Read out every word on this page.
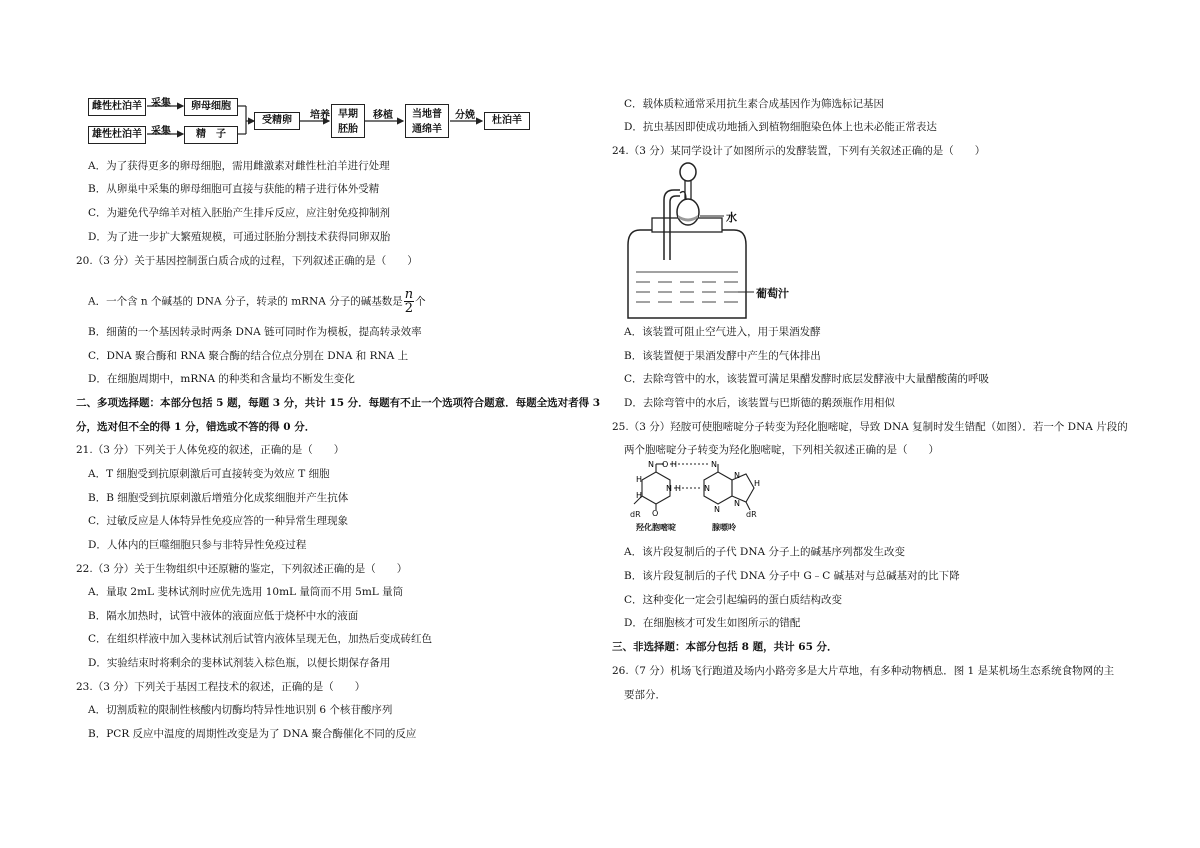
雌性杜泊羊
雄性杜泊羊
采集
采集
卵母细胞
精　子
受精卵	培养 早期
胚胎
移植	当地普
通绵羊
分娩	杜泊羊
A．为了获得更多的卵母细胞，需用雌激素对雌性杜泊羊进行处理
B．从卵巢中采集的卵母细胞可直接与获能的精子进行体外受精
C．为避免代孕绵羊对植入胚胎产生排斥反应，应注射免疫抑制剂
D．为了进一步扩大繁殖规模，可通过胚胎分割技术获得同卵双胎
20.（3 分）关于基因控制蛋白质合成的过程，下列叙述正确的是（　　）
A．一个含 n 个碱基的 DNA 分子，转录的 mRNA 分子的碱基数是 $\frac{n}{2}$ 个
B．细菌的一个基因转录时两条 DNA 链可同时作为模板，提高转录效率
C．DNA 聚合酶和 RNA 聚合酶的结合位点分别在 DNA 和 RNA 上
D．在细胞周期中，mRNA 的种类和含量均不断发生变化
二、多项选择题：本部分包括 5 题，每题 3 分，共计 15 分．每题有不止一个选项符合题意．每题全选对者得 3
分，选对但不全的得 1 分，错选或不答的得 0 分．
21.（3 分）下列关于人体免疫的叙述，正确的是（　　）
A．T 细胞受到抗原刺激后可直接转变为效应 T 细胞
B．B 细胞受到抗原刺激后增殖分化成浆细胞并产生抗体
C．过敏反应是人体特异性免疫应答的一种异常生理现象
D．人体内的巨噬细胞只参与非特异性免疫过程
22.（3 分）关于生物组织中还原糖的鉴定，下列叙述正确的是（　　）
A．量取 2mL 斐林试剂时应优先选用 10mL 量筒而不用 5mL 量筒
B．隔水加热时，试管中液体的液面应低于烧杯中水的液面
C．在组织样液中加入斐林试剂后试管内液体呈现无色，加热后变成砖红色
D．实验结束时将剩余的斐林试剂装入棕色瓶，以便长期保存备用
23.（3 分）下列关于基因工程技术的叙述，正确的是（　　）
A．切割质粒的限制性核酸内切酶均特异性地识别 6 个核苷酸序列
B．PCR 反应中温度的周期性改变是为了 DNA 聚合酶催化不同的反应
C．载体质粒通常采用抗生素合成基因作为筛选标记基因
D．抗虫基因即使成功地插入到植物细胞染色体上也未必能正常表达
24.（3 分）某同学设计了如图所示的发酵装置，下列有关叙述正确的是（　　）
水
葡萄汁
A．该装置可阻止空气进入，用于果酒发酵
B．该装置便于果酒发酵中产生的气体排出
C．去除弯管中的水，该装置可满足果醋发酵时底层发酵液中大量醋酸菌的呼吸
D．去除弯管中的水后，该装置与巴斯德的鹅颈瓶作用相似
25.（3 分）羟胺可使胞嘧啶分子转变为羟化胞嘧啶，导致 DNA 复制时发生错配（如图）．若一个 DNA 片段的
两个胞嘧啶分子转变为羟化胞嘧啶，下列相关叙述正确的是（　　）
N O H
H
H
N H
O
N
N
N
H
N
N
dR	dR
羟化胞嘧啶	腺嘌呤
A．该片段复制后的子代 DNA 分子上的碱基序列都发生改变
B．该片段复制后的子代 DNA 分子中 G﹣C 碱基对与总碱基对的比下降
C．这种变化一定会引起编码的蛋白质结构改变
D．在细胞核才可发生如图所示的错配
三、非选择题：本部分包括 8 题，共计 65 分．
26.（7 分）机场飞行跑道及场内小路旁多是大片草地，有多种动物栖息．图 1 是某机场生态系统食物网的主
要部分．
